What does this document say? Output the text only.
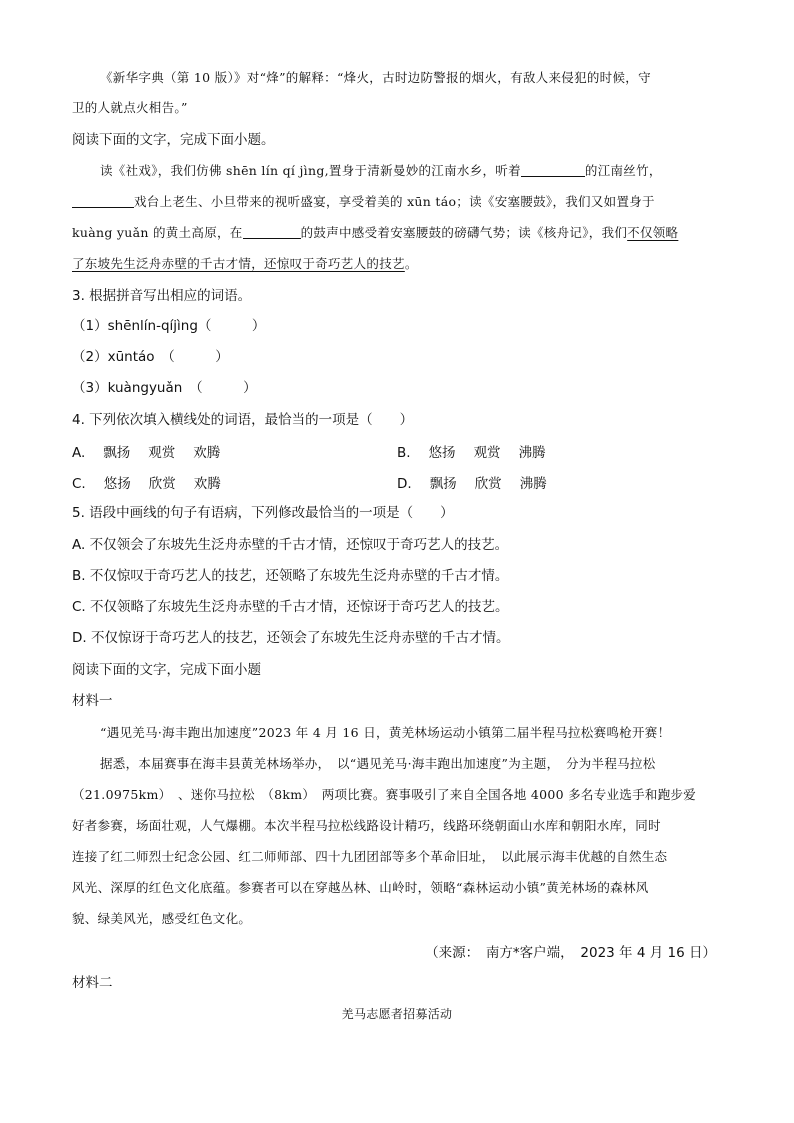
《新华字典（第 10 版）》对“烽”的解释：“烽火，古时边防警报的烟火，有敌人来侵犯的时候，守
卫的人就点火相告。”
阅读下面的文字，完成下面小题。
读《社戏》，我们仿佛 shēn lín qí jìng,置身于清新曼妙的江南水乡，听着	的江南丝竹，
戏台上老生、小旦带来的视听盛宴，享受着美的 xūn táo；读《安塞腰鼓》，我们又如置身于
kuàng yuǎn 的黄土高原，在	的鼓声中感受着安塞腰鼓的磅礴气势；读《核舟记》，我们不仅领略
了东坡先生泛舟赤壁的千古才情，还惊叹于奇巧艺人的技艺。
3. 根据拼音写出相应的词语。
（1）shēnlín-qíjìng（　　　）
（2）xūntáo　（　　　）
（3）kuàngyuǎn　（　　　）
4. 下列依次填入横线处的词语，最恰当的一项是（　　）
A. 飘扬 观赏 欢腾	B. 悠扬 观赏 沸腾
C. 悠扬 欣赏 欢腾	D. 飘扬 欣赏 沸腾
5. 语段中画线的句子有语病，下列修改最恰当的一项是（　　）
A. 不仅领会了东坡先生泛舟赤壁的千古才情，还惊叹于奇巧艺人的技艺。
B. 不仅惊叹于奇巧艺人的技艺，还领略了东坡先生泛舟赤壁的千古才情。
C. 不仅领略了东坡先生泛舟赤壁的千古才情，还惊讶于奇巧艺人的技艺。
D. 不仅惊讶于奇巧艺人的技艺，还领会了东坡先生泛舟赤壁的千古才情。
阅读下面的文字，完成下面小题
材料一
“遇见羌马·海丰跑出加速度”2023 年 4 月 16 日，黄羌林场运动小镇第二届半程马拉松赛鸣枪开赛！
据悉，本届赛事在海丰县黄羌林场举办，　以“遇见羌马·海丰跑出加速度”为主题，　分为半程马拉松
（21.0975km）　、迷你马拉松　（8km）　两项比赛。赛事吸引了来自全国各地 4000 多名专业选手和跑步爱
好者参赛，场面壮观，人气爆棚。本次半程马拉松线路设计精巧，线路环绕朝面山水库和朝阳水库，同时
连接了红二师烈士纪念公园、红二师师部、四十九团团部等多个革命旧址，　以此展示海丰优越的自然生态
风光、深厚的红色文化底蕴。参赛者可以在穿越丛林、山岭时，领略“森林运动小镇”黄羌林场的森林风
貌、绿美风光，感受红色文化。
（来源：　南方*客户端，　2023 年 4 月 16 日）
材料二
羌马志愿者招募活动
